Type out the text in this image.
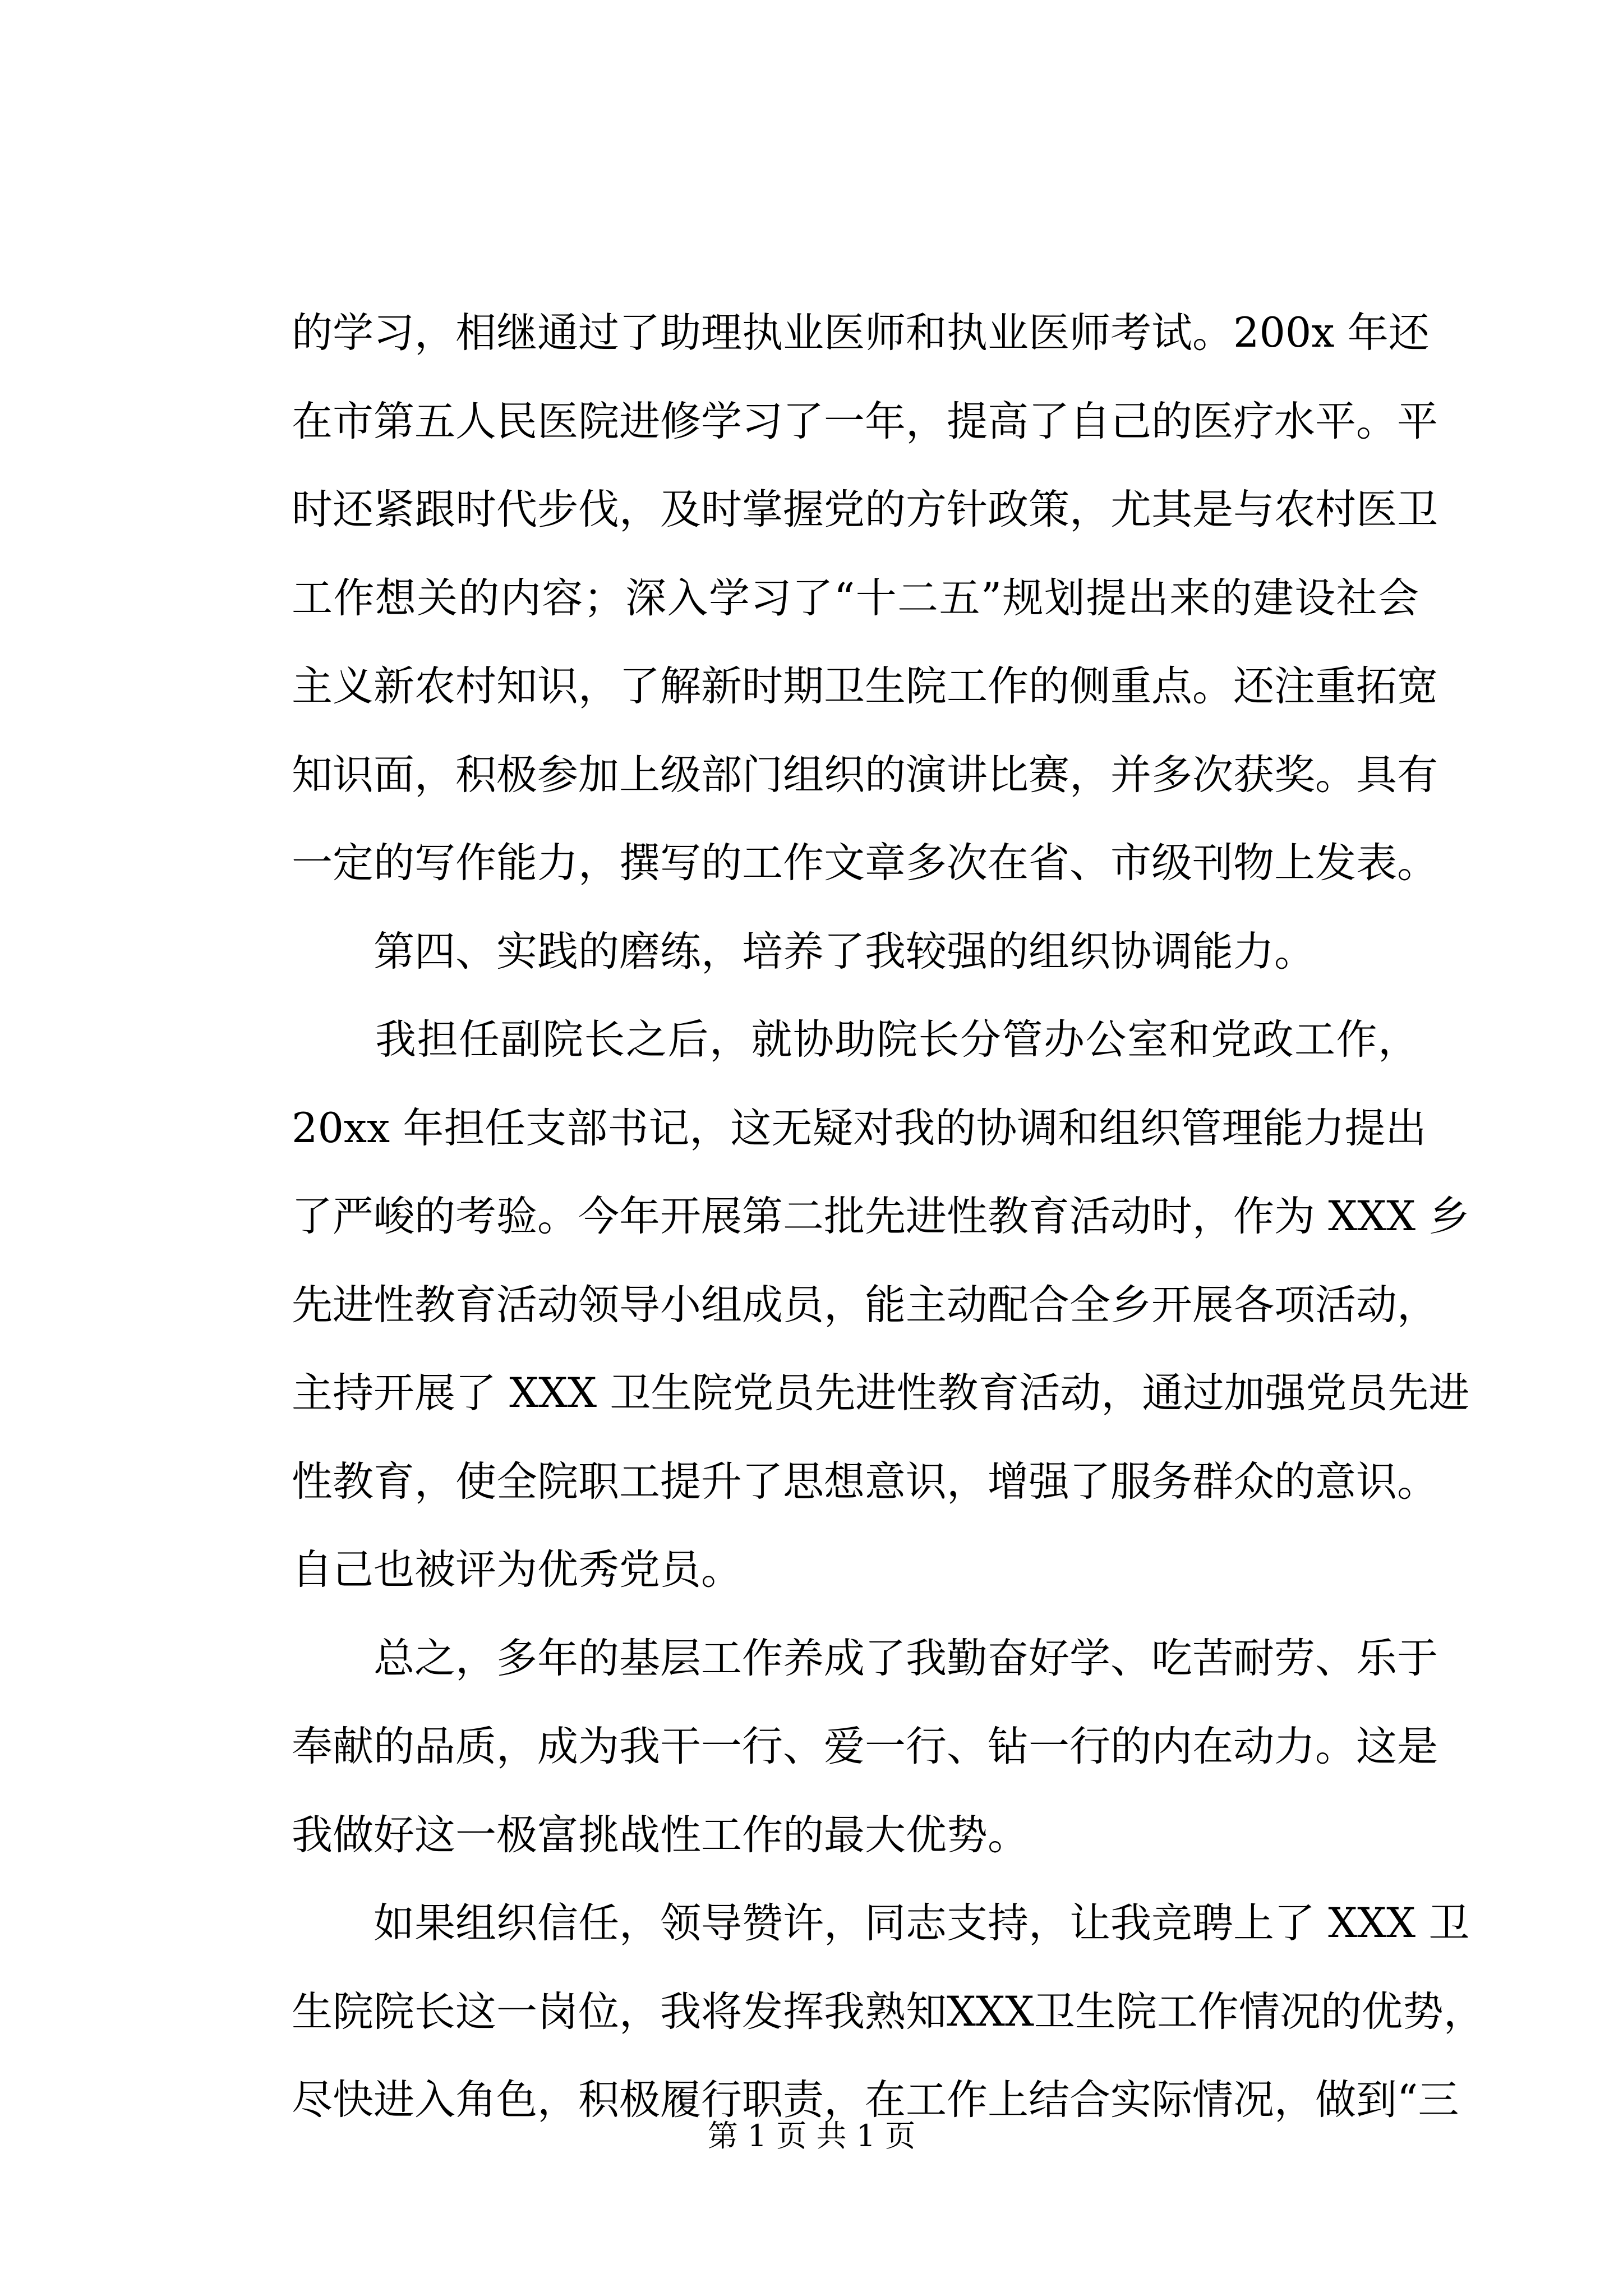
的学习，相继通过了助理执业医师和执业医师考试。200x 年还
在市第五人民医院进修学习了一年，提高了自己的医疗水平。平
时还紧跟时代步伐，及时掌握党的方针政策，尤其是与农村医卫
工作想关的内容；深入学习了“十二五”规划提出来的建设社会
主义新农村知识，了解新时期卫生院工作的侧重点。还注重拓宽
知识面，积极参加上级部门组织的演讲比赛，并多次获奖。具有
一定的写作能力，撰写的工作文章多次在省、市级刊物上发表。
　　第四、实践的磨练，培养了我较强的组织协调能力。
　　我担任副院长之后，就协助院长分管办公室和党政工作，
20xx 年担任支部书记，这无疑对我的协调和组织管理能力提出
了严峻的考验。今年开展第二批先进性教育活动时，作为 XXX 乡
先进性教育活动领导小组成员，能主动配合全乡开展各项活动，
主持开展了 XXX 卫生院党员先进性教育活动，通过加强党员先进
性教育，使全院职工提升了思想意识，增强了服务群众的意识。
自己也被评为优秀党员。
　　总之，多年的基层工作养成了我勤奋好学、吃苦耐劳、乐于
奉献的品质，成为我干一行、爱一行、钻一行的内在动力。这是
我做好这一极富挑战性工作的最大优势。
　　如果组织信任，领导赞许，同志支持，让我竞聘上了 XXX 卫
生院院长这一岗位，我将发挥我熟知XXX卫生院工作情况的优势，
尽快进入角色，积极履行职责，在工作上结合实际情况，做到“三
第 1 页 共 1 页
